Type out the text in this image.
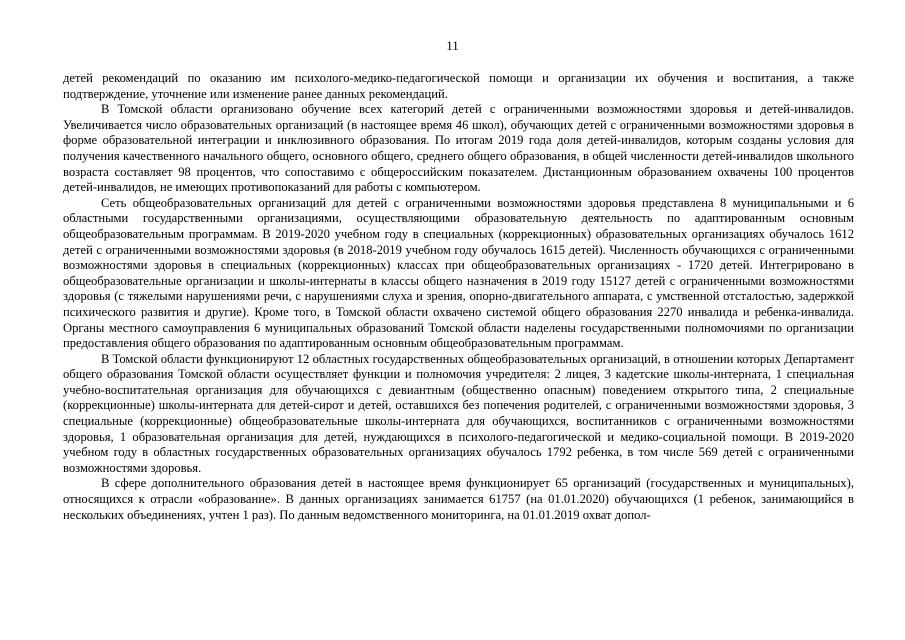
11

детей рекомендаций по оказанию им психолого-медико-педагогической помощи и организации их обучения и воспитания, а также подтверждение, уточнение или изменение ранее данных рекомендаций.

В Томской области организовано обучение всех категорий детей с ограниченными возможностями здоровья и детей-инвалидов. Увеличивается число образовательных организаций (в настоящее время 46 школ), обучающих детей с ограниченными возможностями здоровья в форме образовательной интеграции и инклюзивного образования. По итогам 2019 года доля детей-инвалидов, которым созданы условия для получения качественного начального общего, основного общего, среднего общего образования, в общей численности детей-инвалидов школьного возраста составляет 98 процентов, что сопоставимо с общероссийским показателем. Дистанционным образованием охвачены 100 процентов детей-инвалидов, не имеющих противопоказаний для работы с компьютером.

Сеть общеобразовательных организаций для детей с ограниченными возможностями здоровья представлена 8 муниципальными и 6 областными государственными организациями, осуществляющими образовательную деятельность по адаптированным основным общеобразовательным программам. В 2019-2020 учебном году в специальных (коррекционных) образовательных организациях обучалось 1612 детей с ограниченными возможностями здоровья (в 2018-2019 учебном году обучалось 1615 детей). Численность обучающихся с ограниченными возможностями здоровья в специальных (коррекционных) классах при общеобразовательных организациях - 1720 детей. Интегрировано в общеобразовательные организации и школы-интернаты в классы общего назначения в 2019 году 15127 детей с ограниченными возможностями здоровья (с тяжелыми нарушениями речи, с нарушениями слуха и зрения, опорно-двигательного аппарата, с умственной отсталостью, задержкой психического развития и другие). Кроме того, в Томской области охвачено системой общего образования 2270 инвалида и ребенка-инвалида. Органы местного самоуправления 6 муниципальных образований Томской области наделены государственными полномочиями по организации предоставления общего образования по адаптированным основным общеобразовательным программам.

В Томской области функционируют 12 областных государственных общеобразовательных организаций, в отношении которых Департамент общего образования Томской области осуществляет функции и полномочия учредителя: 2 лицея, 3 кадетские школы-интерната, 1 специальная учебно-воспитательная организация для обучающихся с девиантным (общественно опасным) поведением открытого типа, 2 специальные (коррекционные) школы-интерната для детей-сирот и детей, оставшихся без попечения родителей, с ограниченными возможностями здоровья, 3 специальные (коррекционные) общеобразовательные школы-интерната для обучающихся, воспитанников с ограниченными возможностями здоровья, 1 образовательная организация для детей, нуждающихся в психолого-педагогической и медико-социальной помощи. В 2019-2020 учебном году в областных государственных образовательных организациях обучалось 1792 ребенка, в том числе 569 детей с ограниченными возможностями здоровья.

В сфере дополнительного образования детей в настоящее время функционирует 65 организаций (государственных и муниципальных), относящихся к отрасли «образование». В данных организациях занимается 61757 (на 01.01.2020) обучающихся (1 ребенок, занимающийся в нескольких объединениях, учтен 1 раз). По данным ведомственного мониторинга, на 01.01.2019 охват допол-
